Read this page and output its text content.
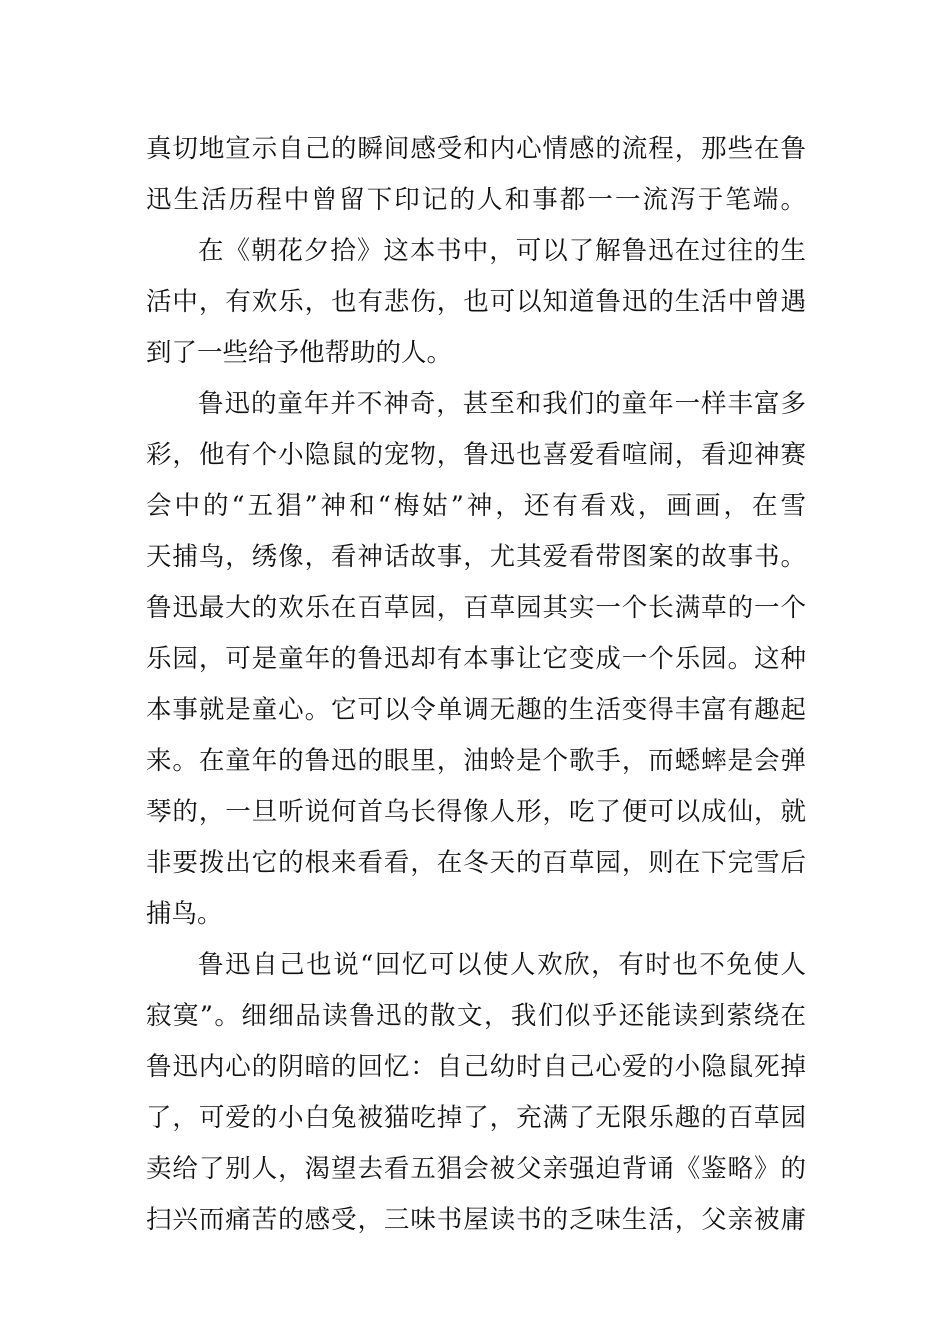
真切地宣示自己的瞬间感受和内心情感的流程，那些在鲁
迅生活历程中曾留下印记的人和事都一一流泻于笔端。
在《朝花夕拾》这本书中，可以了解鲁迅在过往的生
活中，有欢乐，也有悲伤，也可以知道鲁迅的生活中曾遇
到了一些给予他帮助的人。
鲁迅的童年并不神奇，甚至和我们的童年一样丰富多
彩，他有个小隐鼠的宠物，鲁迅也喜爱看喧闹，看迎神赛
会中的“五猖”神和“梅姑”神，还有看戏，画画，在雪
天捕鸟，绣像，看神话故事，尤其爱看带图案的故事书。
鲁迅最大的欢乐在百草园，百草园其实一个长满草的一个
乐园，可是童年的鲁迅却有本事让它变成一个乐园。这种
本事就是童心。它可以令单调无趣的生活变得丰富有趣起
来。在童年的鲁迅的眼里，油蛉是个歌手，而蟋蟀是会弹
琴的，一旦听说何首乌长得像人形，吃了便可以成仙，就
非要拨出它的根来看看，在冬天的百草园，则在下完雪后
捕鸟。
鲁迅自己也说“回忆可以使人欢欣，有时也不免使人
寂寞”。细细品读鲁迅的散文，我们似乎还能读到萦绕在
鲁迅内心的阴暗的回忆：自己幼时自己心爱的小隐鼠死掉
了，可爱的小白兔被猫吃掉了，充满了无限乐趣的百草园
卖给了别人，渴望去看五猖会被父亲强迫背诵《鉴略》的
扫兴而痛苦的感受，三味书屋读书的乏味生活，父亲被庸
